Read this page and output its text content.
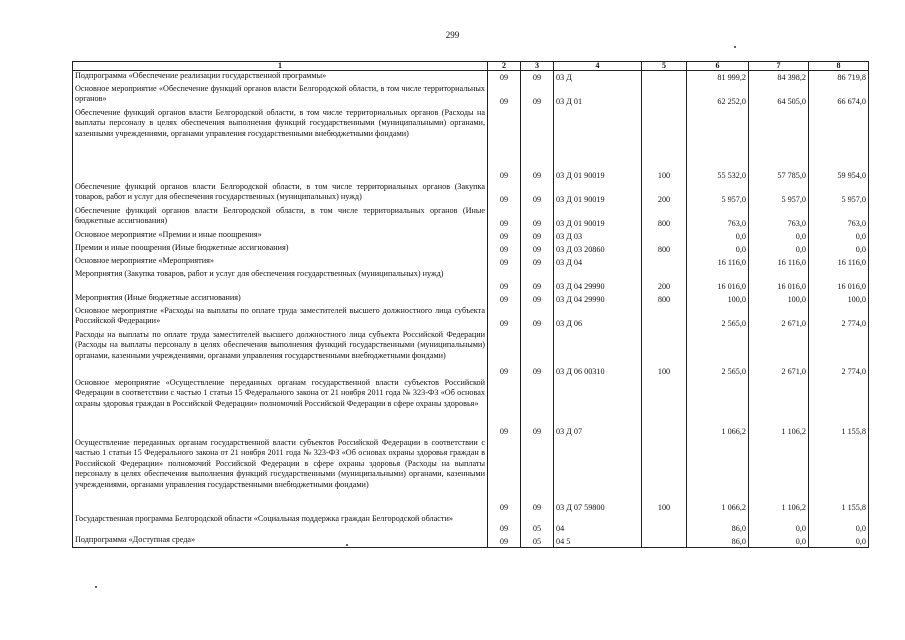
299
1	2	3	4	5	6	7	8
Подпрограмма «Обеспечение реализации государственной программы»	09	09	03 Д		81 999,2	84 398,2	86 719,8
Основное мероприятие «Обеспечение функций органов власти Белгородской области, в том числе территориальных органов»	09	09	03 Д 01		62 252,0	64 505,0	66 674,0
Обеспечение функций органов власти Белгородской области, в том числе территориальных органов (Расходы на выплаты персоналу в целях обеспечения выполнения функций государственными (муниципальными) органами, казенными учреждениями, органами управления государственными внебюджетными фондами)	09	09	03 Д 01 90019	100	55 532,0	57 785,0	59 954,0
Обеспечение функций органов власти Белгородской области, в том числе территориальных органов (Закупка товаров, работ и услуг для обеспечения государственных (муниципальных) нужд)	09	09	03 Д 01 90019	200	5 957,0	5 957,0	5 957,0
Обеспечение функций органов власти Белгородской области, в том числе территориальных органов (Иные бюджетные ассигнования)	09	09	03 Д 01 90019	800	763,0	763,0	763,0
Основное мероприятие «Премии и иные поощрения»	09	09	03 Д 03		0,0	0,0	0,0
Премии и иные поощрения (Иные бюджетные ассигнования)	09	09	03 Д 03 20860	800	0,0	0,0	0,0
Основное мероприятие «Мероприятия»	09	09	03 Д 04		16 116,0	16 116,0	16 116,0
Мероприятия (Закупка товаров, работ и услуг для обеспечения государственных (муниципальных) нужд)	09	09	03 Д 04 29990	200	16 016,0	16 016,0	16 016,0
Мероприятия (Иные бюджетные ассигнования)	09	09	03 Д 04 29990	800	100,0	100,0	100,0
Основное мероприятие «Расходы на выплаты по оплате труда заместителей высшего должностного лица субъекта Российской Федерации»	09	09	03 Д 06		2 565,0	2 671,0	2 774,0
Расходы на выплаты по оплате труда заместителей высшего должностного лица субъекта Российской Федерации (Расходы на выплаты персоналу в целях обеспечения выполнения функций государственными (муниципальными) органами, казенными учреждениями, органами управления государственными внебюджетными фондами)	09	09	03 Д 06 00310	100	2 565,0	2 671,0	2 774,0
Основное мероприятие «Осуществление переданных органам государственной власти субъектов Российской Федерации в соответствии с частью 1 статьи 15 Федерального закона от 21 ноября 2011 года № 323-ФЗ «Об основах охраны здоровья граждан в Российской Федерации» полномочий Российской Федерации в сфере охраны здоровья»	09	09	03 Д 07		1 066,2	1 106,2	1 155,8
Осуществление переданных органам государственной власти субъектов Российской Федерации в соответствии с частью 1 статьи 15 Федерального закона от 21 ноября 2011 года № 323-ФЗ «Об основах охраны здоровья граждан в Российской Федерации» полномочий Российской Федерации в сфере охраны здоровья (Расходы на выплаты персоналу в целях обеспечения выполнения функций государственными (муниципальными) органами, казенными учреждениями, органами управления государственными внебюджетными фондами)	09	09	03 Д 07 59800	100	1 066,2	1 106,2	1 155,8
Государственная программа Белгородской области «Социальная поддержка граждан Белгородской области»	09	05	04		86,0	0,0	0,0
Подпрограмма «Доступная среда»	09	05	04 5		86,0	0,0	0,0
